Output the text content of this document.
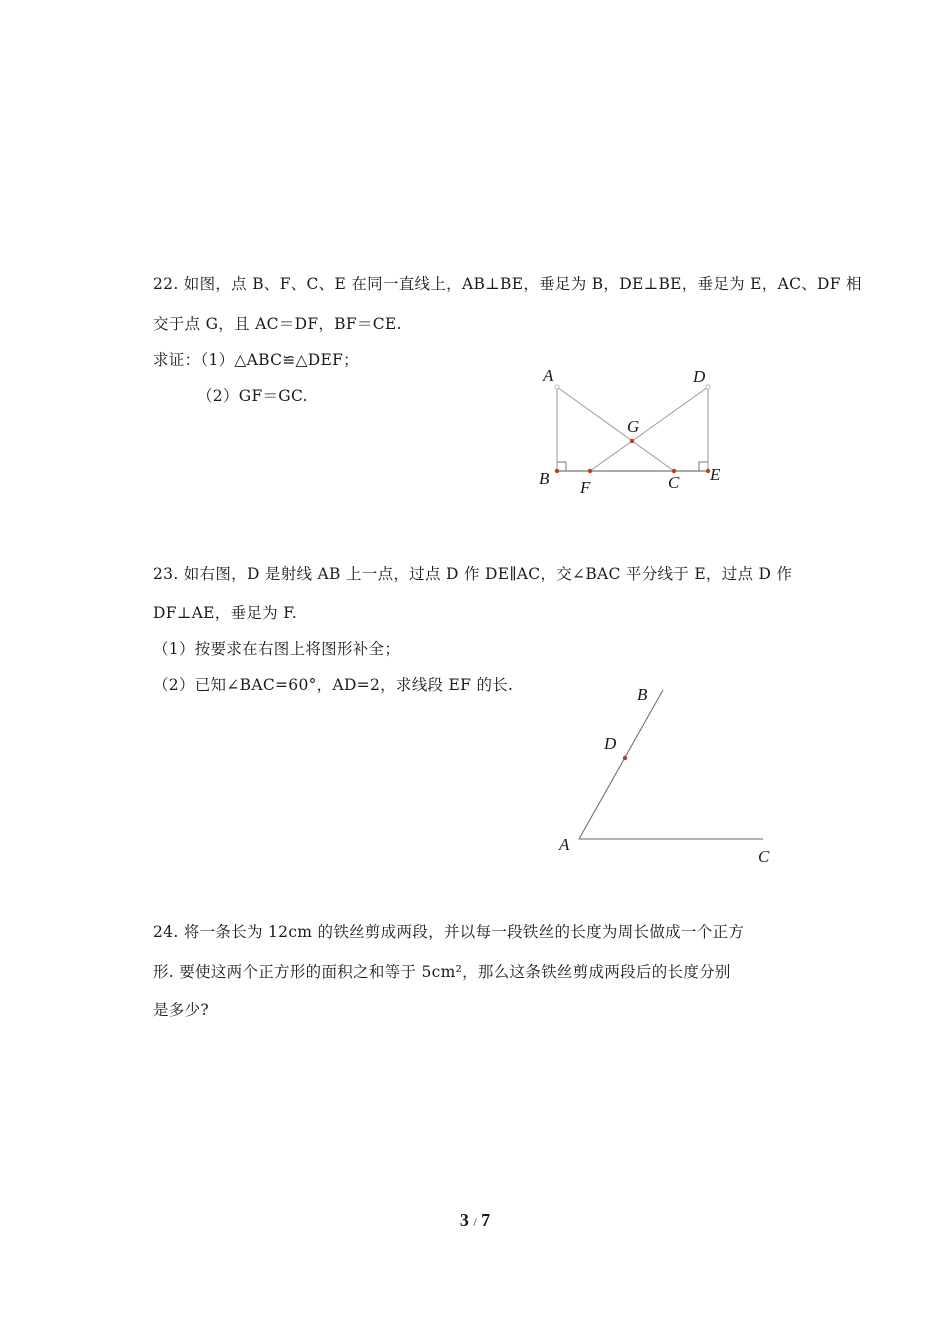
22. 如图，点 B、F、C、E 在同一直线上，AB⊥BE，垂足为 B，DE⊥BE，垂足为 E，AC、DF 相
交于点 G，且 AC＝DF，BF＝CE.
求证：（1）△ABC≌△DEF；
（2）GF＝GC.
A	D
G
B F	C E
23. 如右图，D 是射线 AB 上一点，过点 D 作 DE∥AC，交∠BAC 平分线于 E，过点 D 作
DF⊥AE，垂足为 F.
（1）按要求在右图上将图形补全；
（2）已知∠BAC=60°，AD=2，求线段 EF 的长.	B
D
A
C
24. 将一条长为 12cm 的铁丝剪成两段，并以每一段铁丝的长度为周长做成一个正方
形. 要使这两个正方形的面积之和等于 5cm²，那么这条铁丝剪成两段后的长度分别
是多少?
3 / 7
